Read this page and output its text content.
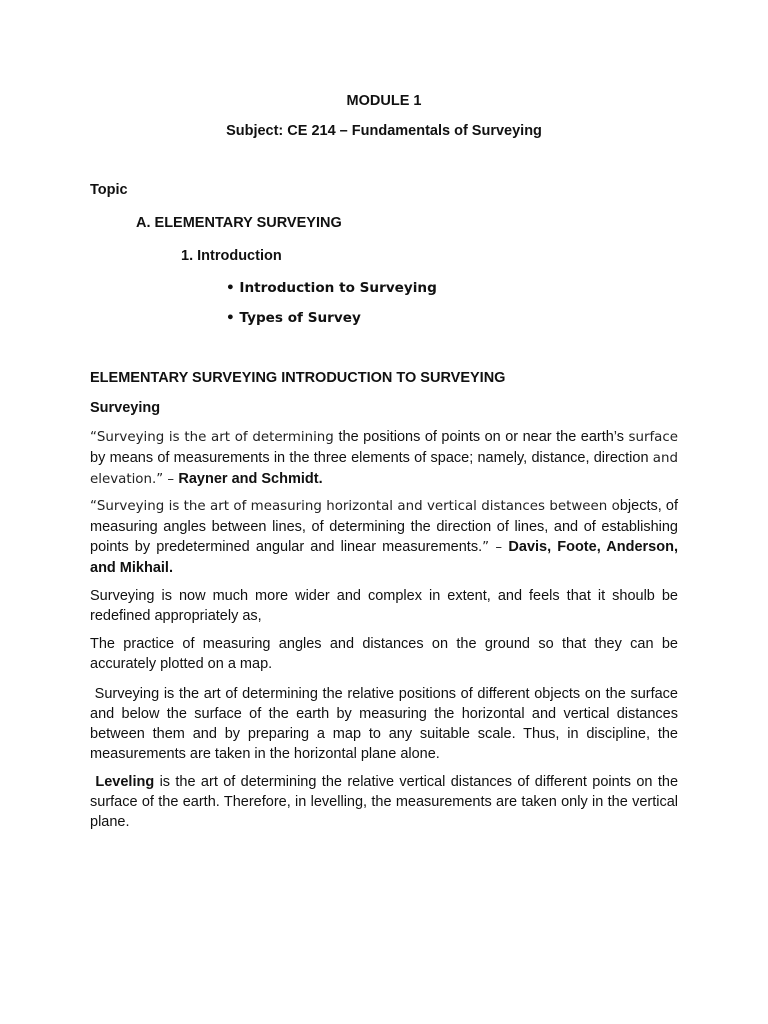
MODULE 1
Subject: CE 214 – Fundamentals of Surveying
Topic
A. ELEMENTARY SURVEYING
1. Introduction
• Introduction to Surveying
• Types of Survey
ELEMENTARY SURVEYING INTRODUCTION TO SURVEYING
Surveying

“Surveying is the art of determining the positions of points on or near the earth’s surface by means of measurements in the three elements of space; namely, distance, direction and elevation.” – Rayner and Schmidt.

“Surveying is the art of measuring horizontal and vertical distances between objects, of measuring angles between lines, of determining the direction of lines, and of establishing points by predetermined angular and linear measurements.” – Davis, Foote, Anderson, and Mikhail.

Surveying is now much more wider and complex in extent, and feels that it shoulb be redefined appropriately as,

The practice of measuring angles and distances on the ground so that they can be accurately plotted on a map.

Surveying is the art of determining the relative positions of different objects on the surface and below the surface of the earth by measuring the horizontal and vertical distances between them and by preparing a map to any suitable scale. Thus, in discipline, the measurements are taken in the horizontal plane alone.

Leveling is the art of determining the relative vertical distances of different points on the surface of the earth. Therefore, in levelling, the measurements are taken only in the vertical plane.
